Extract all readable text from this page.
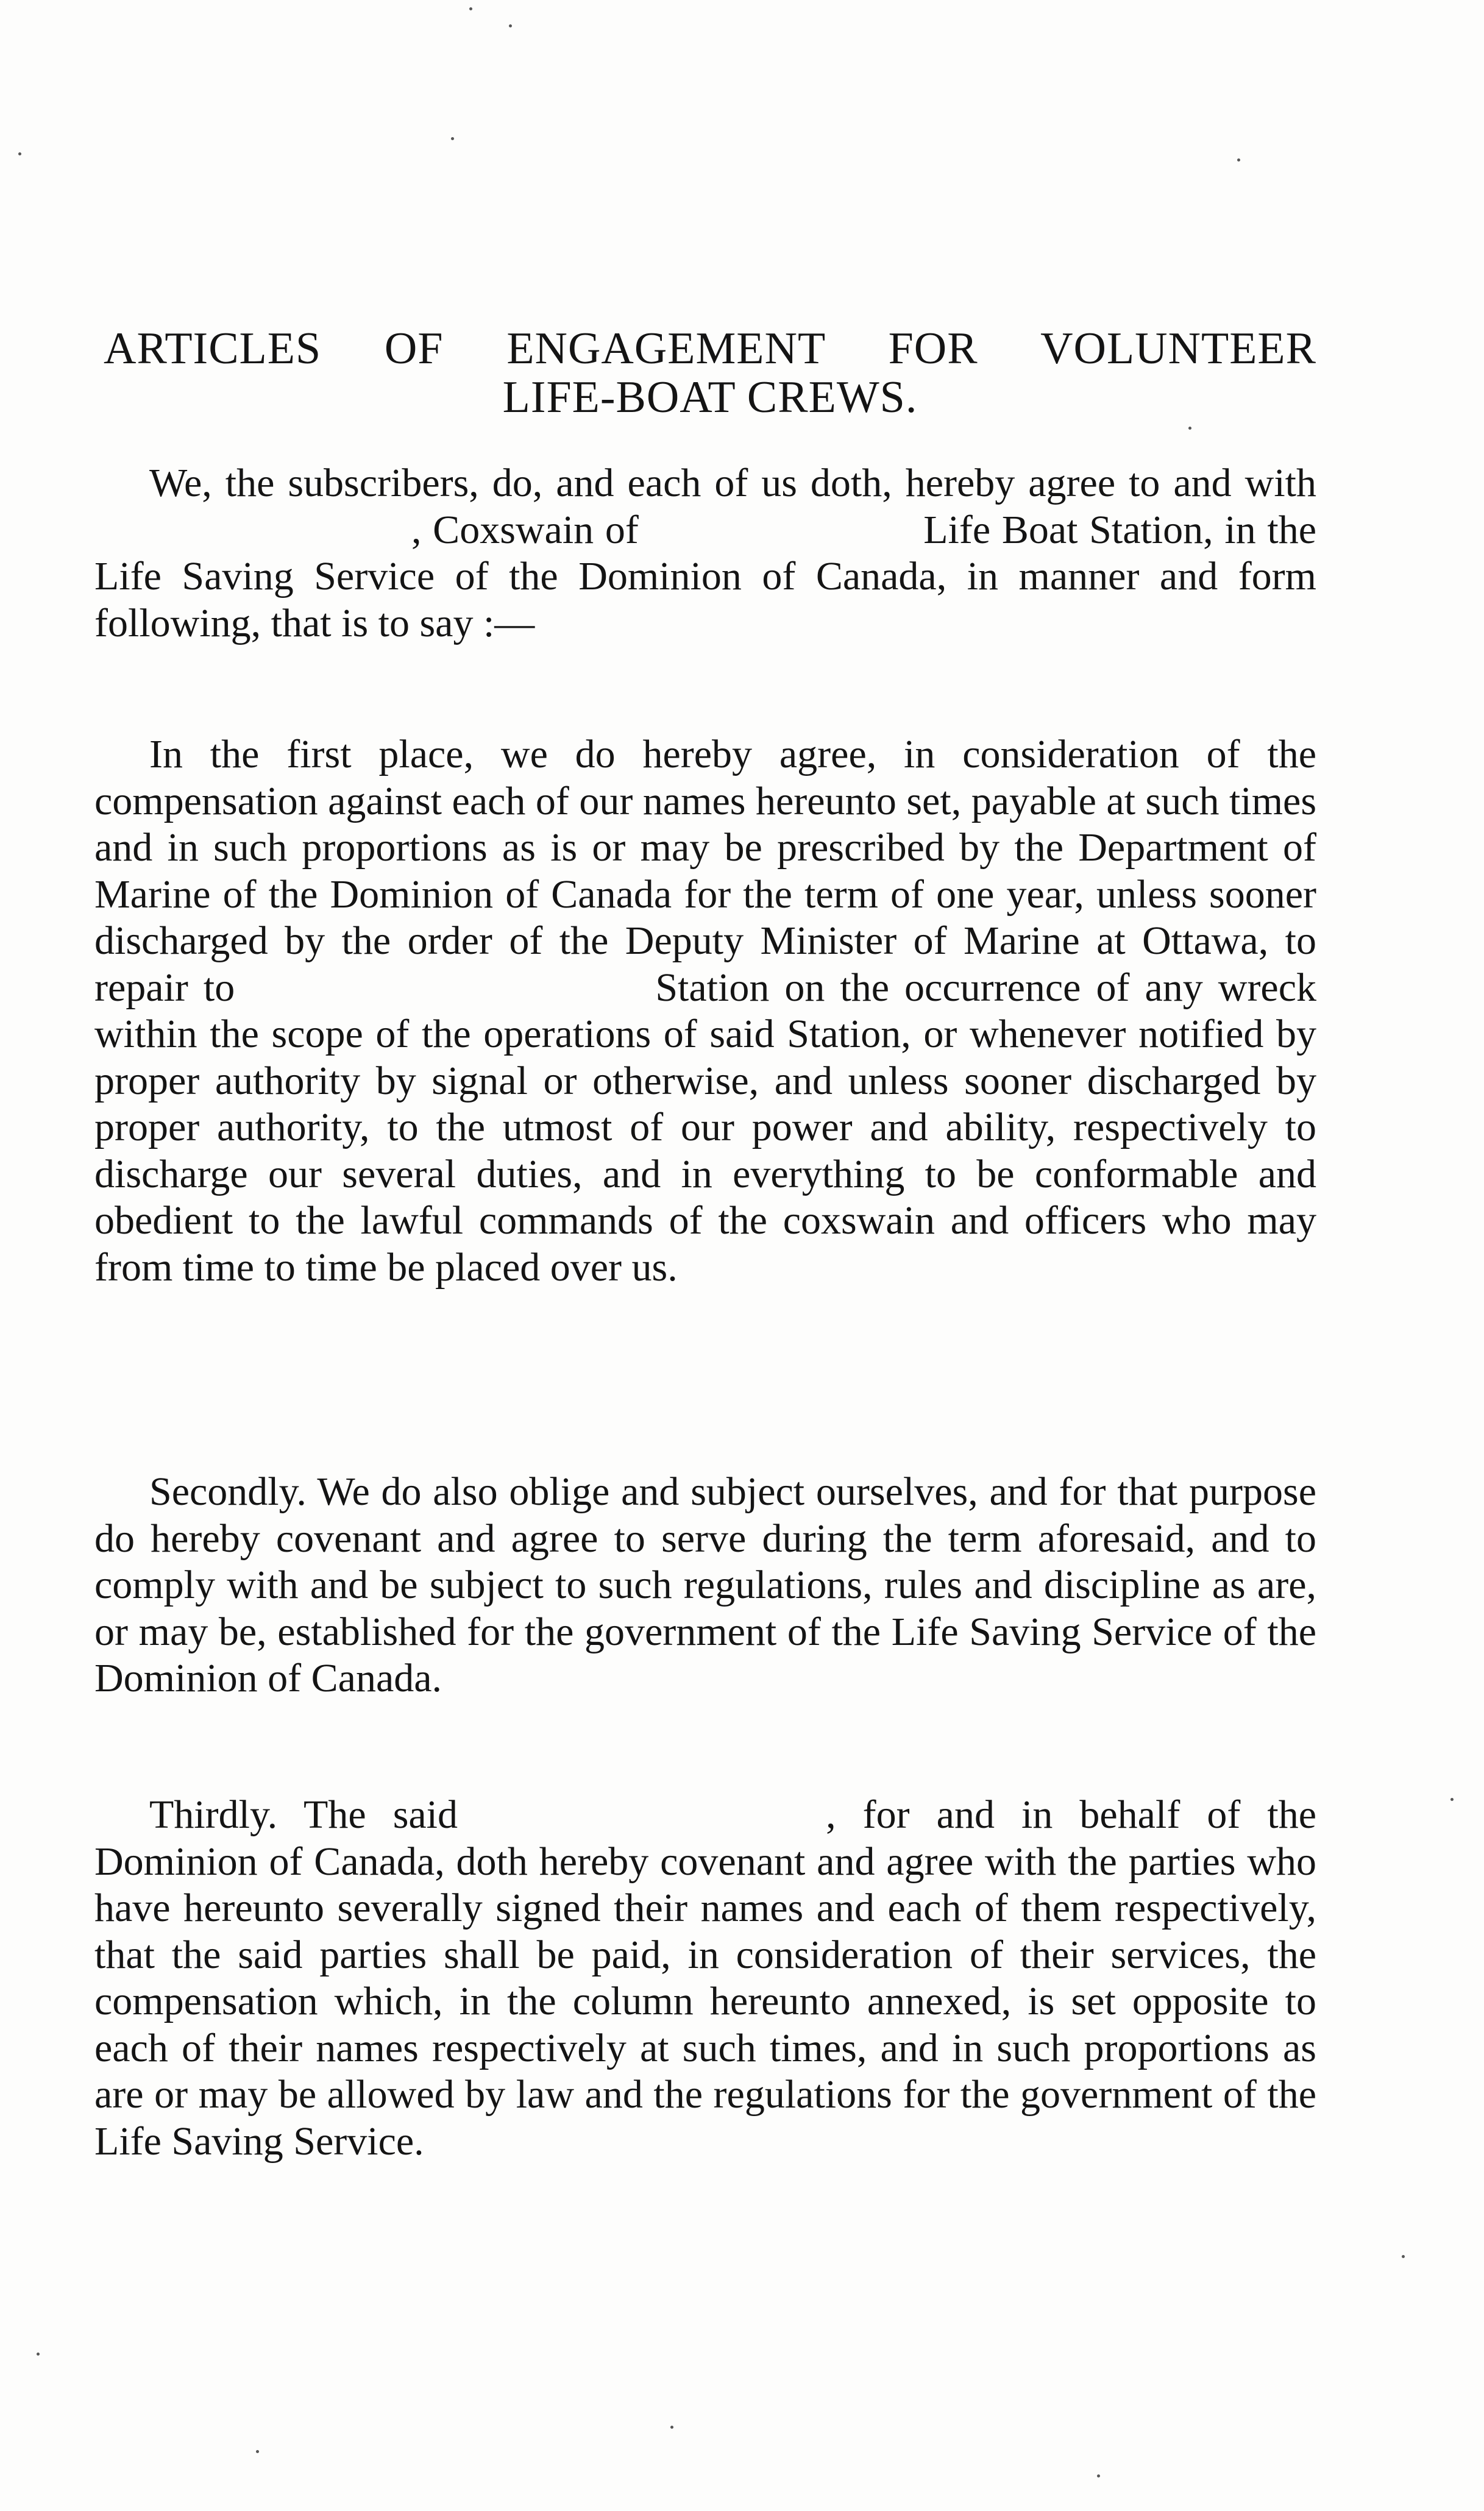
ARTICLES OF ENGAGEMENT FOR VOLUNTEER
LIFE-BOAT CREWS.
We, the subscribers, do, and each of us doth, hereby agree to and with , Coxswain of	Life Boat Station, in the Life Saving Service of the Dominion of Canada, in manner and form following, that is to say :—
In the first place, we do hereby agree, in consideration of the compensation against each of our names hereunto set, payable at such times and in such proportions as is or may be prescribed by the Department of Marine of the Dominion of Canada for the term of one year, unless sooner discharged by the order of the Deputy Minister of Marine at Ottawa, to repair to	Station on the occurrence of any wreck within the scope of the operations of said Station, or whenever notified by proper authority by signal or otherwise, and unless sooner discharged by proper authority, to the utmost of our power and ability, respectively to discharge our several duties, and in everything to be conformable and obedient to the lawful commands of the coxswain and officers who may from time to time be placed over us.
Secondly. We do also oblige and subject ourselves, and for that purpose do hereby covenant and agree to serve during the term aforesaid, and to comply with and be subject to such regulations, rules and discipline as are, or may be, established for the government of the Life Saving Service of the Dominion of Canada.
Thirdly. The said	, for and in behalf of the Dominion of Canada, doth hereby covenant and agree with the parties who have hereunto severally signed their names and each of them respectively, that the said parties shall be paid, in consideration of their services, the compensation which, in the column hereunto annexed, is set opposite to each of their names respectively at such times, and in such proportions as are or may be allowed by law and the regulations for the government of the Life Saving Service.
